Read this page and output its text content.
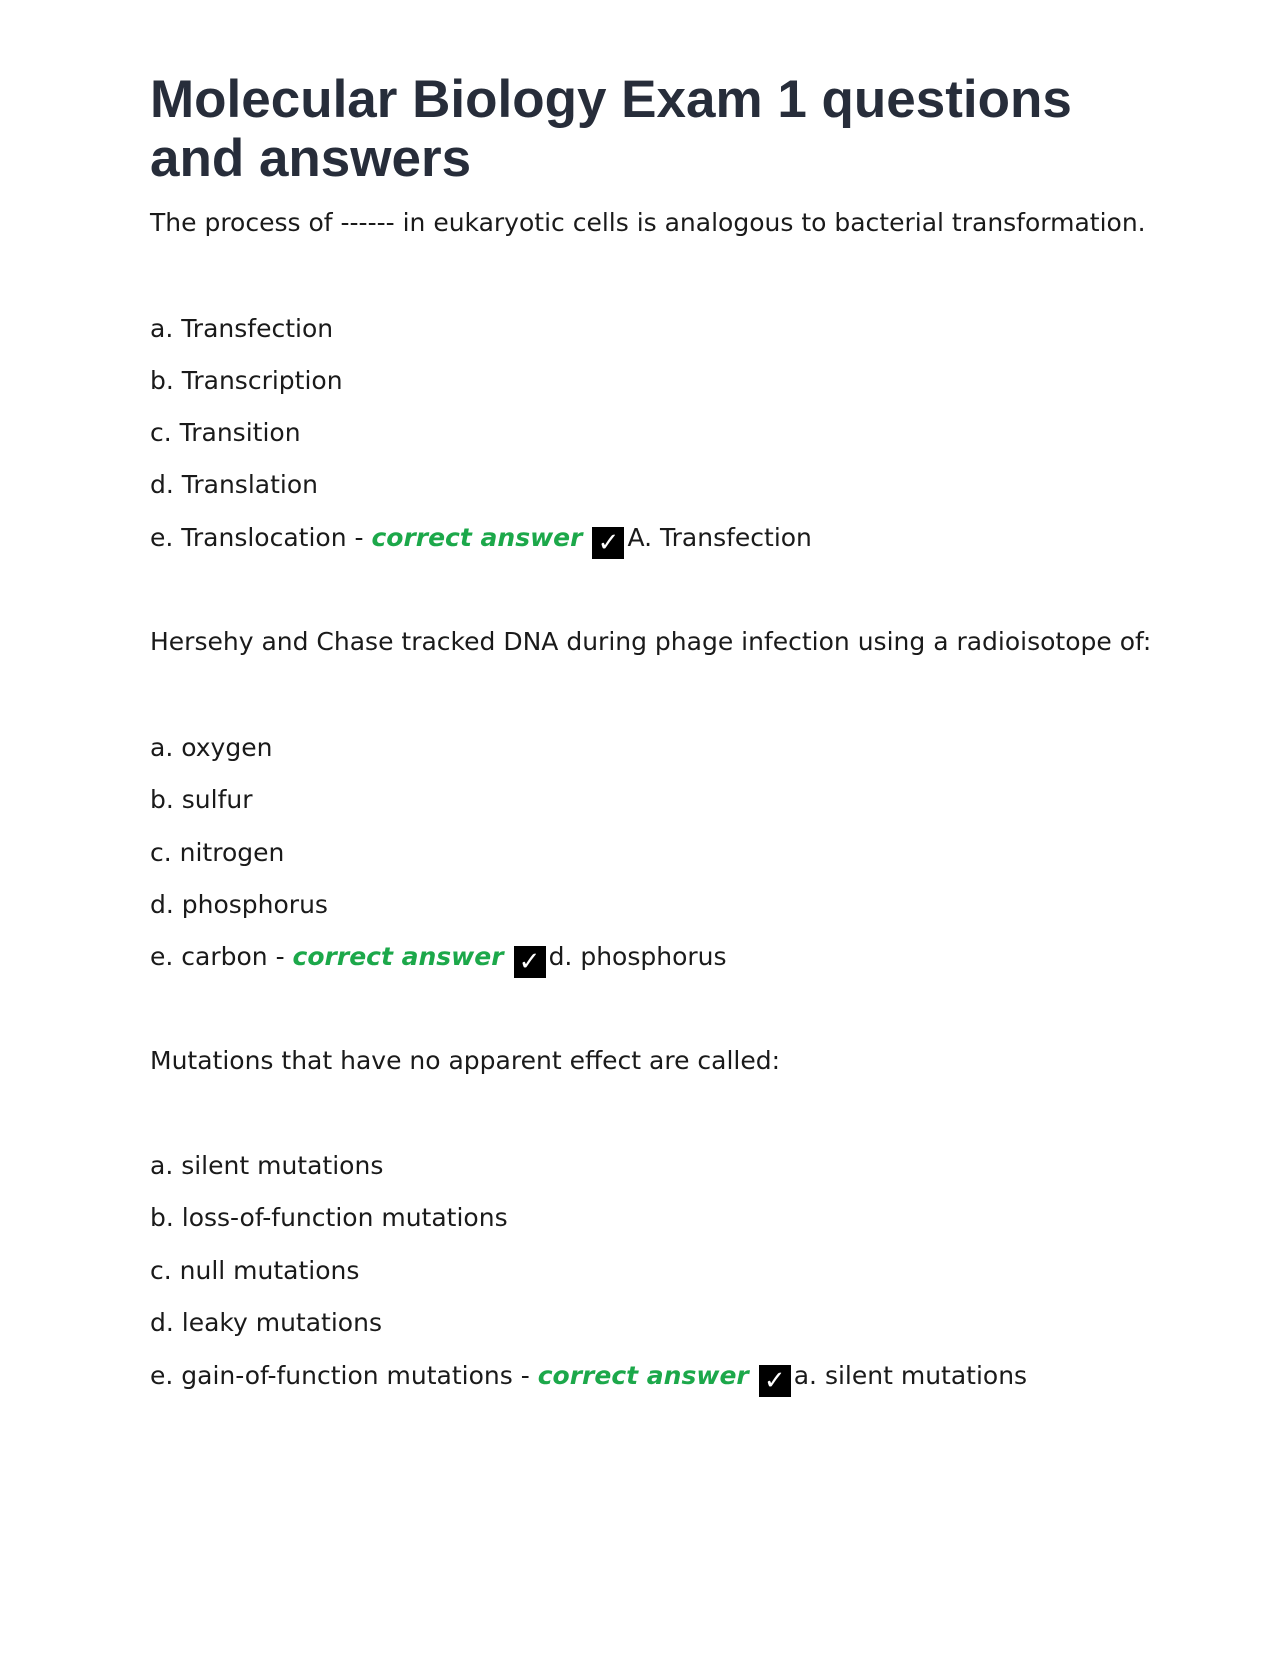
Molecular Biology Exam 1 questions and answers
The process of ------ in eukaryotic cells is analogous to bacterial transformation.
a. Transfection
b. Transcription
c. Transition
d. Translation
e. Translocation - correct answer ✓ A. Transfection
Hersehy and Chase tracked DNA during phage infection using a radioisotope of:
a. oxygen
b. sulfur
c. nitrogen
d. phosphorus
e. carbon - correct answer ✓ d. phosphorus
Mutations that have no apparent effect are called:
a. silent mutations
b. loss-of-function mutations
c. null mutations
d. leaky mutations
e. gain-of-function mutations - correct answer ✓ a. silent mutations
